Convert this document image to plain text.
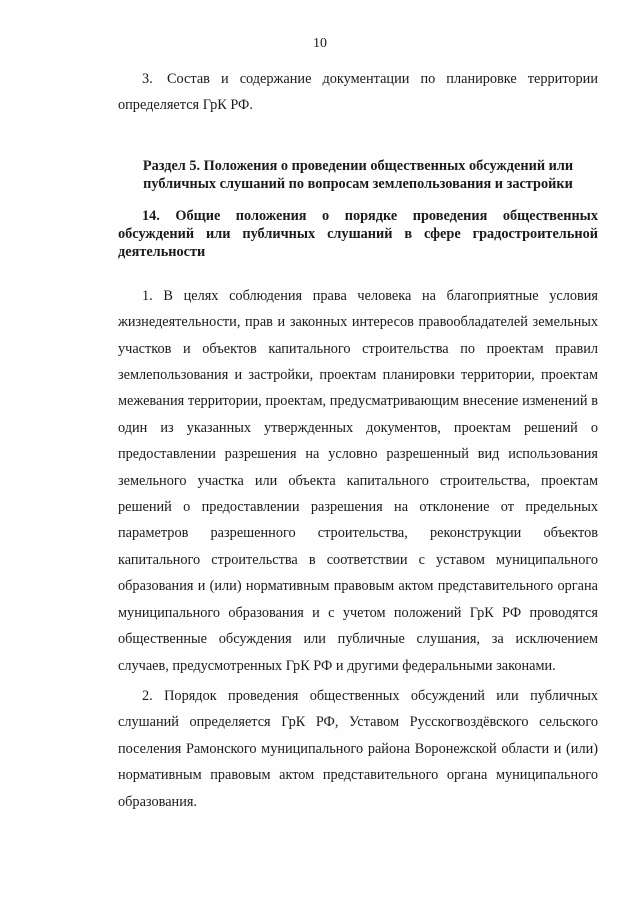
10

3. Состав и содержание документации по планировке территории определяется ГрК РФ.

Раздел 5. Положения о проведении общественных обсуждений или публичных слушаний по вопросам землепользования и застройки

14. Общие положения о порядке проведения общественных обсуждений или публичных слушаний в сфере градостроительной деятельности

1. В целях соблюдения права человека на благоприятные условия жизнедеятельности, прав и законных интересов правообладателей земельных участков и объектов капитального строительства по проектам правил землепользования и застройки, проектам планировки территории, проектам межевания территории, проектам, предусматривающим внесение изменений в один из указанных утвержденных документов, проектам решений о предоставлении разрешения на условно разрешенный вид использования земельного участка или объекта капитального строительства, проектам решений о предоставлении разрешения на отклонение от предельных параметров разрешенного строительства, реконструкции объектов капитального строительства в соответствии с уставом муниципального образования и (или) нормативным правовым актом представительного органа муниципального образования и с учетом положений ГрК РФ проводятся общественные обсуждения или публичные слушания, за исключением случаев, предусмотренных ГрК РФ и другими федеральными законами.

2. Порядок проведения общественных обсуждений или публичных слушаний определяется ГрК РФ, Уставом Русскогвоздёвского сельского поселения Рамонского муниципального района Воронежской области и (или) нормативным правовым актом представительного органа муниципального образования.
